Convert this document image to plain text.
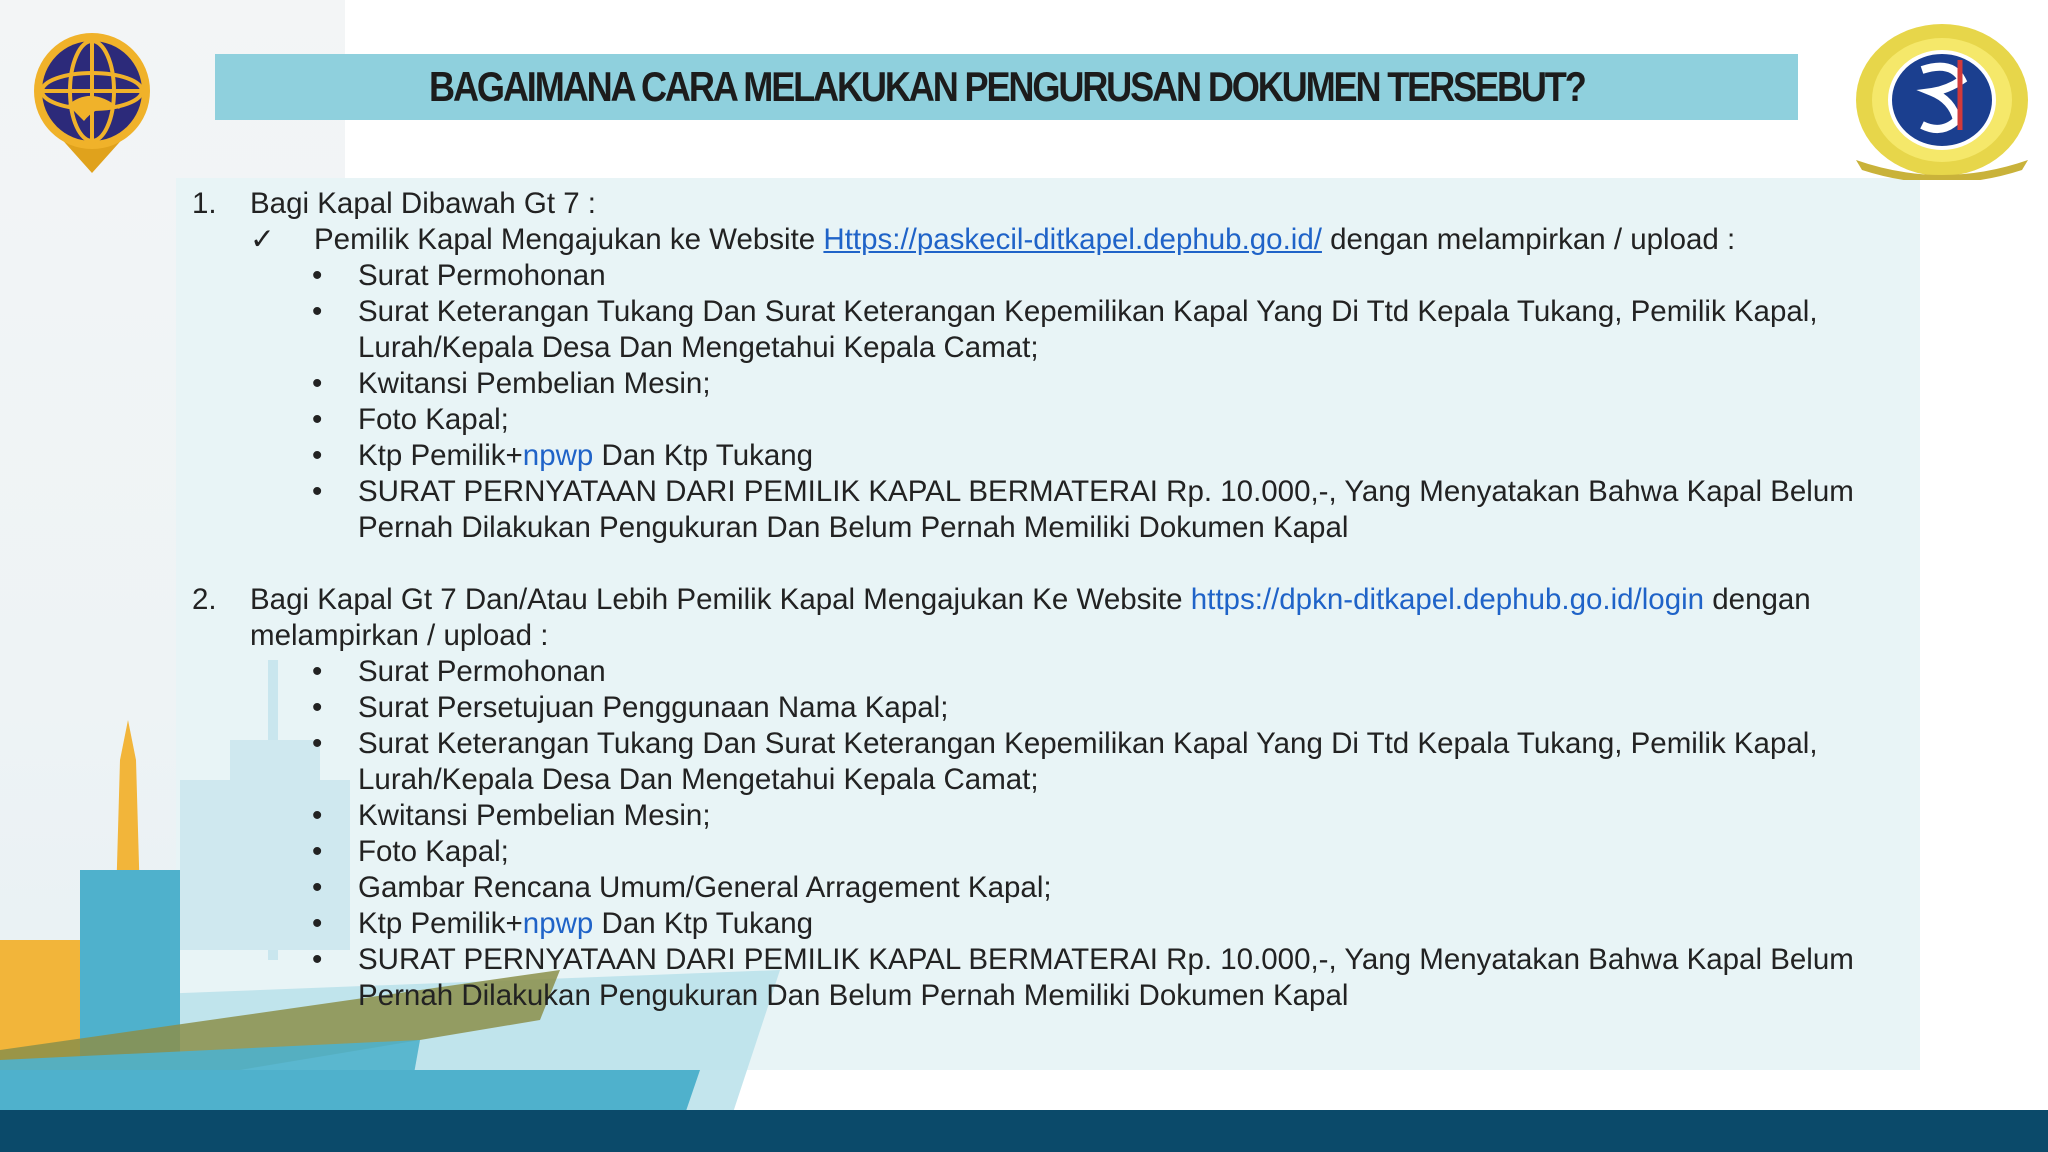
BAGAIMANA CARA MELAKUKAN PENGURUSAN DOKUMEN TERSEBUT?
1.	Bagi Kapal Dibawah Gt 7 :
✓ Pemilik Kapal Mengajukan ke Website Https://paskecil-ditkapel.dephub.go.id/ dengan melampirkan / upload :
• Surat Permohonan
• Surat Keterangan Tukang Dan Surat Keterangan Kepemilikan Kapal Yang Di Ttd Kepala Tukang, Pemilik Kapal, Lurah/Kepala Desa Dan Mengetahui Kepala Camat;
• Kwitansi Pembelian Mesin;
• Foto Kapal;
• Ktp Pemilik+npwp Dan Ktp Tukang
• SURAT PERNYATAAN DARI PEMILIK KAPAL BERMATERAI Rp. 10.000,-, Yang Menyatakan Bahwa Kapal Belum Pernah Dilakukan Pengukuran Dan Belum Pernah Memiliki Dokumen Kapal
2.	Bagi Kapal Gt 7 Dan/Atau Lebih Pemilik Kapal Mengajukan Ke Website https://dpkn-ditkapel.dephub.go.id/login dengan melampirkan / upload :
• Surat Permohonan
• Surat Persetujuan Penggunaan Nama Kapal;
• Surat Keterangan Tukang Dan Surat Keterangan Kepemilikan Kapal Yang Di Ttd Kepala Tukang, Pemilik Kapal, Lurah/Kepala Desa Dan Mengetahui Kepala Camat;
• Kwitansi Pembelian Mesin;
• Foto Kapal;
• Gambar Rencana Umum/General Arragement Kapal;
• Ktp Pemilik+npwp Dan Ktp Tukang
• SURAT PERNYATAAN DARI PEMILIK KAPAL BERMATERAI Rp. 10.000,-, Yang Menyatakan Bahwa Kapal Belum Pernah Dilakukan Pengukuran Dan Belum Pernah Memiliki Dokumen Kapal
